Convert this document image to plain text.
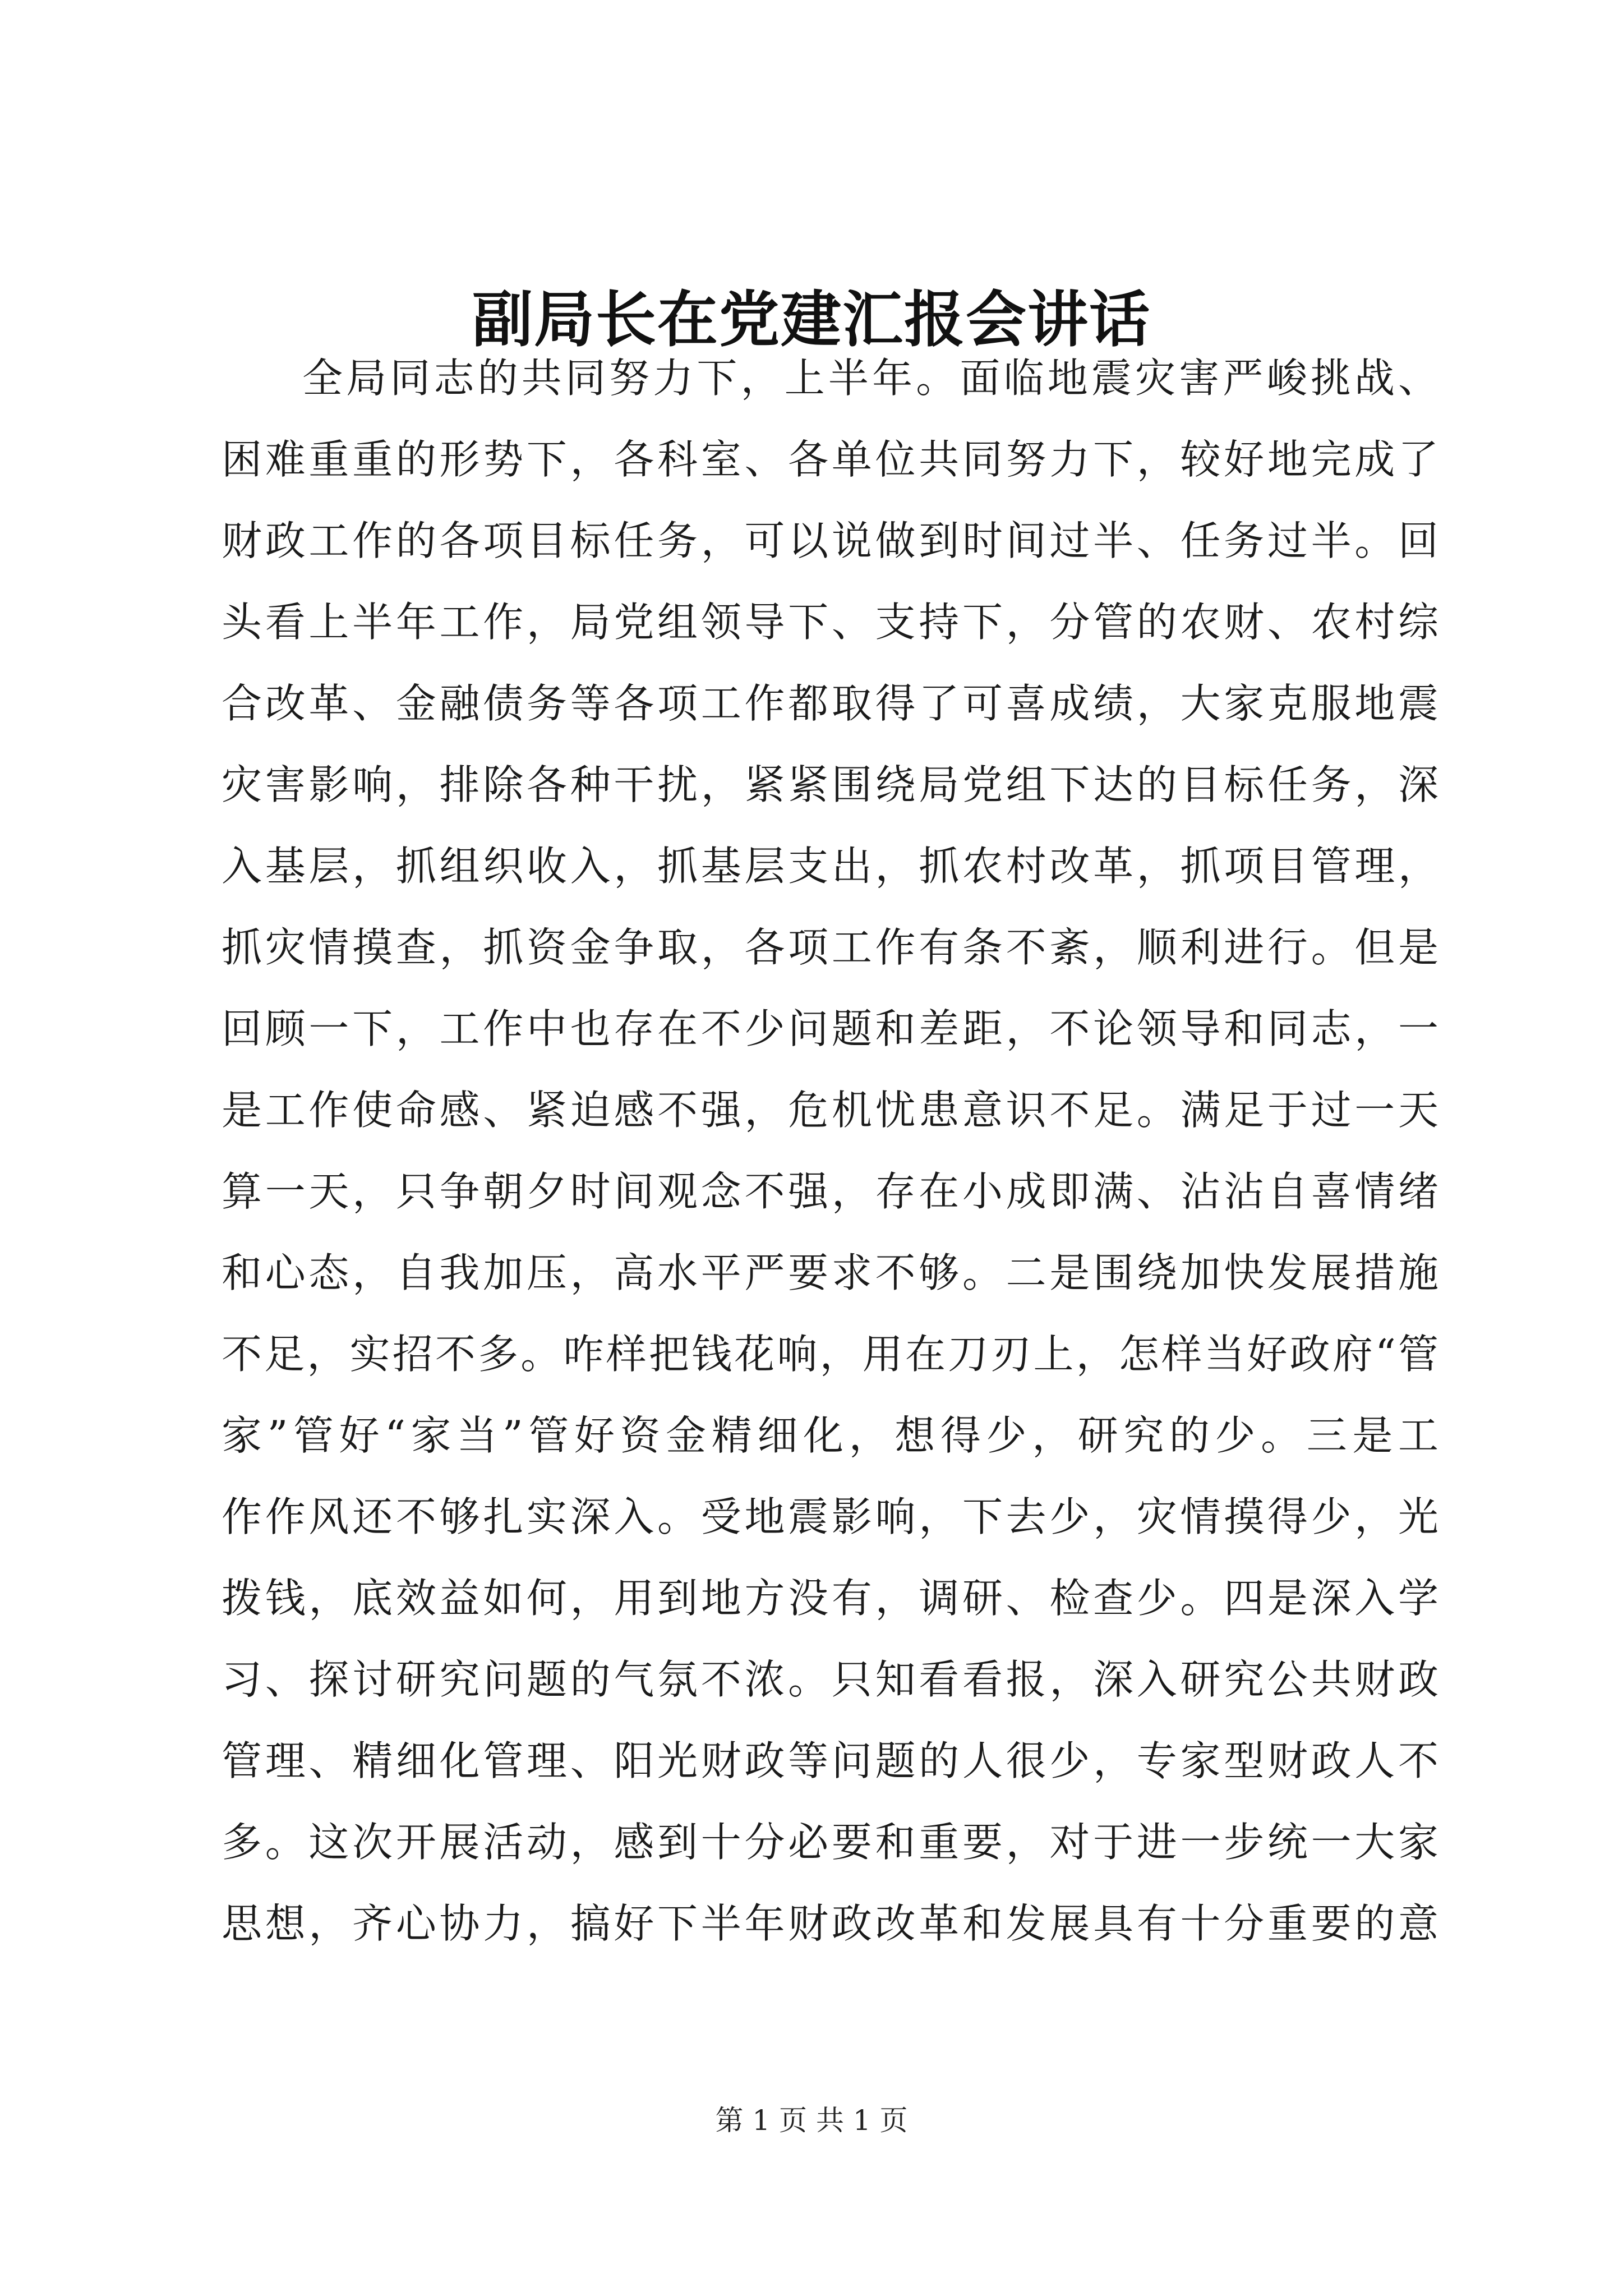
副局长在党建汇报会讲话
全局同志的共同努力下，上半年。面临地震灾害严峻挑战、
困难重重的形势下，各科室、各单位共同努力下，较好地完成了
财政工作的各项目标任务，可以说做到时间过半、任务过半。回
头看上半年工作，局党组领导下、支持下，分管的农财、农村综
合改革、金融债务等各项工作都取得了可喜成绩，大家克服地震
灾害影响，排除各种干扰，紧紧围绕局党组下达的目标任务，深
入基层，抓组织收入，抓基层支出，抓农村改革，抓项目管理，
抓灾情摸查，抓资金争取，各项工作有条不紊，顺利进行。但是
回顾一下，工作中也存在不少问题和差距，不论领导和同志，一
是工作使命感、紧迫感不强，危机忧患意识不足。满足于过一天
算一天，只争朝夕时间观念不强，存在小成即满、沾沾自喜情绪
和心态，自我加压，高水平严要求不够。二是围绕加快发展措施
不足，实招不多。咋样把钱花响，用在刀刃上，怎样当好政府“管
家”管好“家当”管好资金精细化，想得少，研究的少。三是工
作作风还不够扎实深入。受地震影响，下去少，灾情摸得少，光
拨钱，底效益如何，用到地方没有，调研、检查少。四是深入学
习、探讨研究问题的气氛不浓。只知看看报，深入研究公共财政
管理、精细化管理、阳光财政等问题的人很少，专家型财政人不
多。这次开展活动，感到十分必要和重要，对于进一步统一大家
思想，齐心协力，搞好下半年财政改革和发展具有十分重要的意
第 1 页 共 1 页
